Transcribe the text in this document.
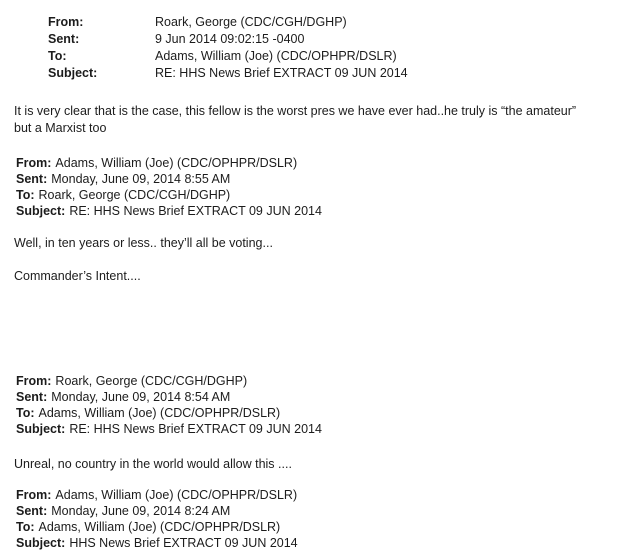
From:	Roark, George (CDC/CGH/DGHP)
Sent:	9 Jun 2014 09:02:15 -0400
To:	Adams, William (Joe) (CDC/OPHPR/DSLR)
Subject:	RE: HHS News Brief EXTRACT 09 JUN 2014
It is very clear that is the case, this fellow is the worst pres we have ever had..he truly is “the amateur”
but a Marxist too
From: Adams, William (Joe) (CDC/OPHPR/DSLR)
Sent: Monday, June 09, 2014 8:55 AM
To: Roark, George (CDC/CGH/DGHP)
Subject: RE: HHS News Brief EXTRACT 09 JUN 2014
Well, in ten years or less.. they’ll all be voting...
Commander’s Intent....
From: Roark, George (CDC/CGH/DGHP)
Sent: Monday, June 09, 2014 8:54 AM
To: Adams, William (Joe) (CDC/OPHPR/DSLR)
Subject: RE: HHS News Brief EXTRACT 09 JUN 2014
Unreal, no country in the world would allow this ....
From: Adams, William (Joe) (CDC/OPHPR/DSLR)
Sent: Monday, June 09, 2014 8:24 AM
To: Adams, William (Joe) (CDC/OPHPR/DSLR)
Subject: HHS News Brief EXTRACT 09 JUN 2014
